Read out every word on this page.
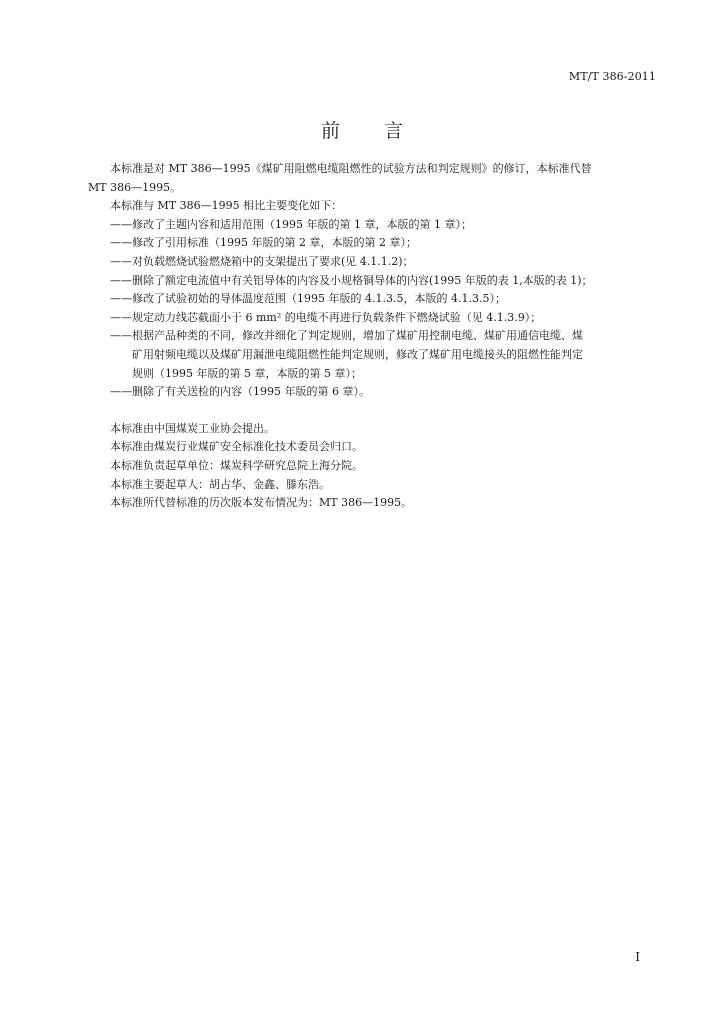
MT/T 386-2011
前言

本标准是对 MT 386—1995《煤矿用阻燃电缆阻燃性的试验方法和判定规则》的修订，本标准代替

MT 386—1995。

本标准与 MT 386—1995 相比主要变化如下：

——修改了主题内容和适用范围（1995 年版的第 1 章，本版的第 1 章）；

——修改了引用标准（1995 年版的第 2 章，本版的第 2 章）；

——对负载燃烧试验燃烧箱中的支架提出了要求(见 4.1.1.2)；

——删除了额定电流值中有关铝导体的内容及小规格铜导体的内容(1995 年版的表 1,本版的表 1)；

——修改了试验初始的导体温度范围（1995 年版的 4.1.3.5，本版的 4.1.3.5）；

——规定动力线芯截面小于 6 mm² 的电缆不再进行负载条件下燃烧试验（见 4.1.3.9）；

——根据产品种类的不同，修改并细化了判定规则，增加了煤矿用控制电缆、煤矿用通信电缆、煤

矿用射频电缆以及煤矿用漏泄电缆阻燃性能判定规则，修改了煤矿用电缆接头的阻燃性能判定

规则（1995 年版的第 5 章，本版的第 5 章）；

——删除了有关送检的内容（1995 年版的第 6 章）。

本标准由中国煤炭工业协会提出。

本标准由煤炭行业煤矿安全标准化技术委员会归口。

本标准负责起草单位：煤炭科学研究总院上海分院。

本标准主要起草人：胡占华、金鑫、滕东浩。

本标准所代替标准的历次版本发布情况为：MT 386—1995。

I
